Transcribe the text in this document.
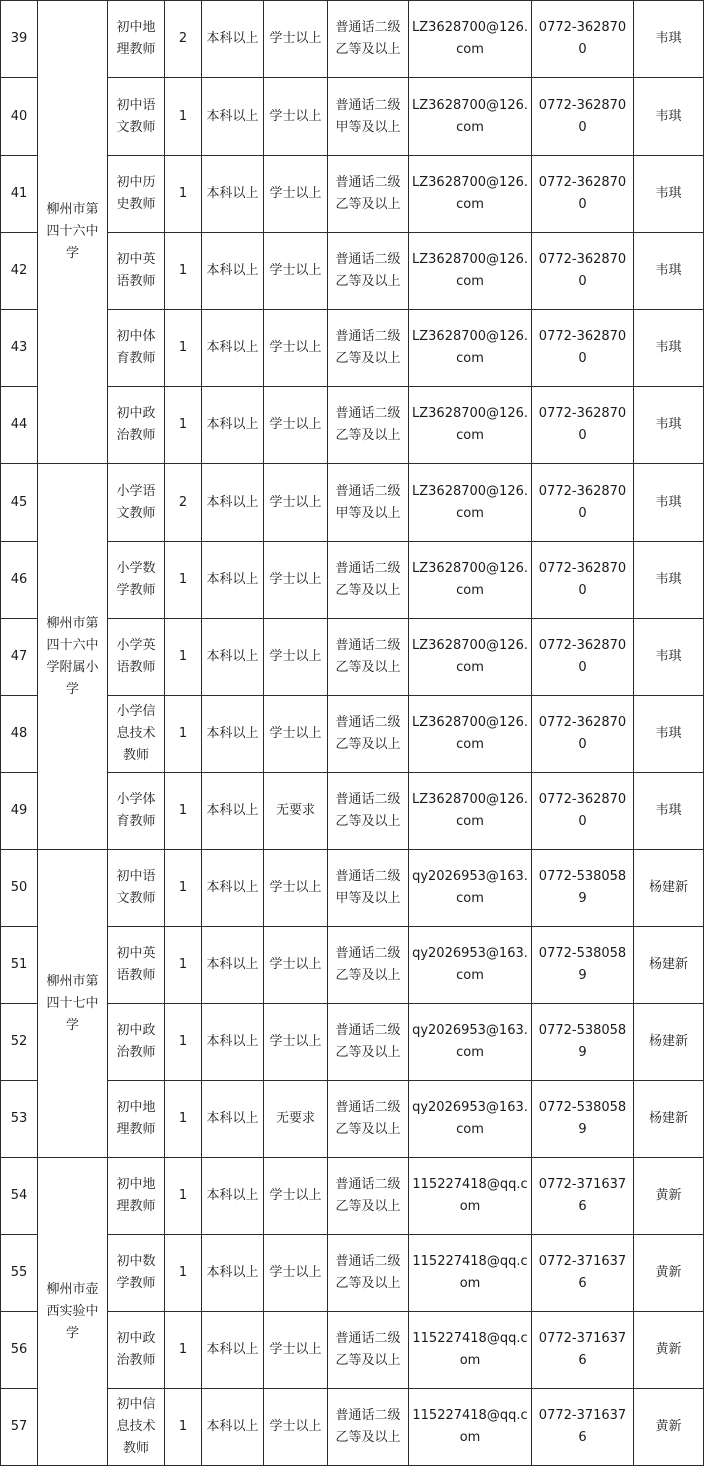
39	柳州市第四十六中学	初中地理教师	2	本科以上	学士以上	普通话二级乙等及以上	LZ3628700@126.com	0772-3628700	韦琪
40		初中语文教师	1	本科以上	学士以上	普通话二级甲等及以上	LZ3628700@126.com	0772-3628700	韦琪
41		初中历史教师	1	本科以上	学士以上	普通话二级乙等及以上	LZ3628700@126.com	0772-3628700	韦琪
42		初中英语教师	1	本科以上	学士以上	普通话二级乙等及以上	LZ3628700@126.com	0772-3628700	韦琪
43		初中体育教师	1	本科以上	学士以上	普通话二级乙等及以上	LZ3628700@126.com	0772-3628700	韦琪
44		初中政治教师	1	本科以上	学士以上	普通话二级乙等及以上	LZ3628700@126.com	0772-3628700	韦琪
45	柳州市第四十六中学附属小学	小学语文教师	2	本科以上	学士以上	普通话二级甲等及以上	LZ3628700@126.com	0772-3628700	韦琪
46		小学数学教师	1	本科以上	学士以上	普通话二级乙等及以上	LZ3628700@126.com	0772-3628700	韦琪
47		小学英语教师	1	本科以上	学士以上	普通话二级乙等及以上	LZ3628700@126.com	0772-3628700	韦琪
48		小学信息技术教师	1	本科以上	学士以上	普通话二级乙等及以上	LZ3628700@126.com	0772-3628700	韦琪
49		小学体育教师	1	本科以上	无要求	普通话二级乙等及以上	LZ3628700@126.com	0772-3628700	韦琪
50	柳州市第四十七中学	初中语文教师	1	本科以上	学士以上	普通话二级甲等及以上	qy2026953@163.com	0772-5380589	杨建新
51		初中英语教师	1	本科以上	学士以上	普通话二级乙等及以上	qy2026953@163.com	0772-5380589	杨建新
52		初中政治教师	1	本科以上	学士以上	普通话二级乙等及以上	qy2026953@163.com	0772-5380589	杨建新
53		初中地理教师	1	本科以上	无要求	普通话二级乙等及以上	qy2026953@163.com	0772-5380589	杨建新
54	柳州市壶西实验中学	初中地理教师	1	本科以上	学士以上	普通话二级乙等及以上	115227418@qq.com	0772-3716376	黄新
55		初中数学教师	1	本科以上	学士以上	普通话二级乙等及以上	115227418@qq.com	0772-3716376	黄新
56		初中政治教师	1	本科以上	学士以上	普通话二级乙等及以上	115227418@qq.com	0772-3716376	黄新
57		初中信息技术教师	1	本科以上	学士以上	普通话二级乙等及以上	115227418@qq.com	0772-3716376	黄新
